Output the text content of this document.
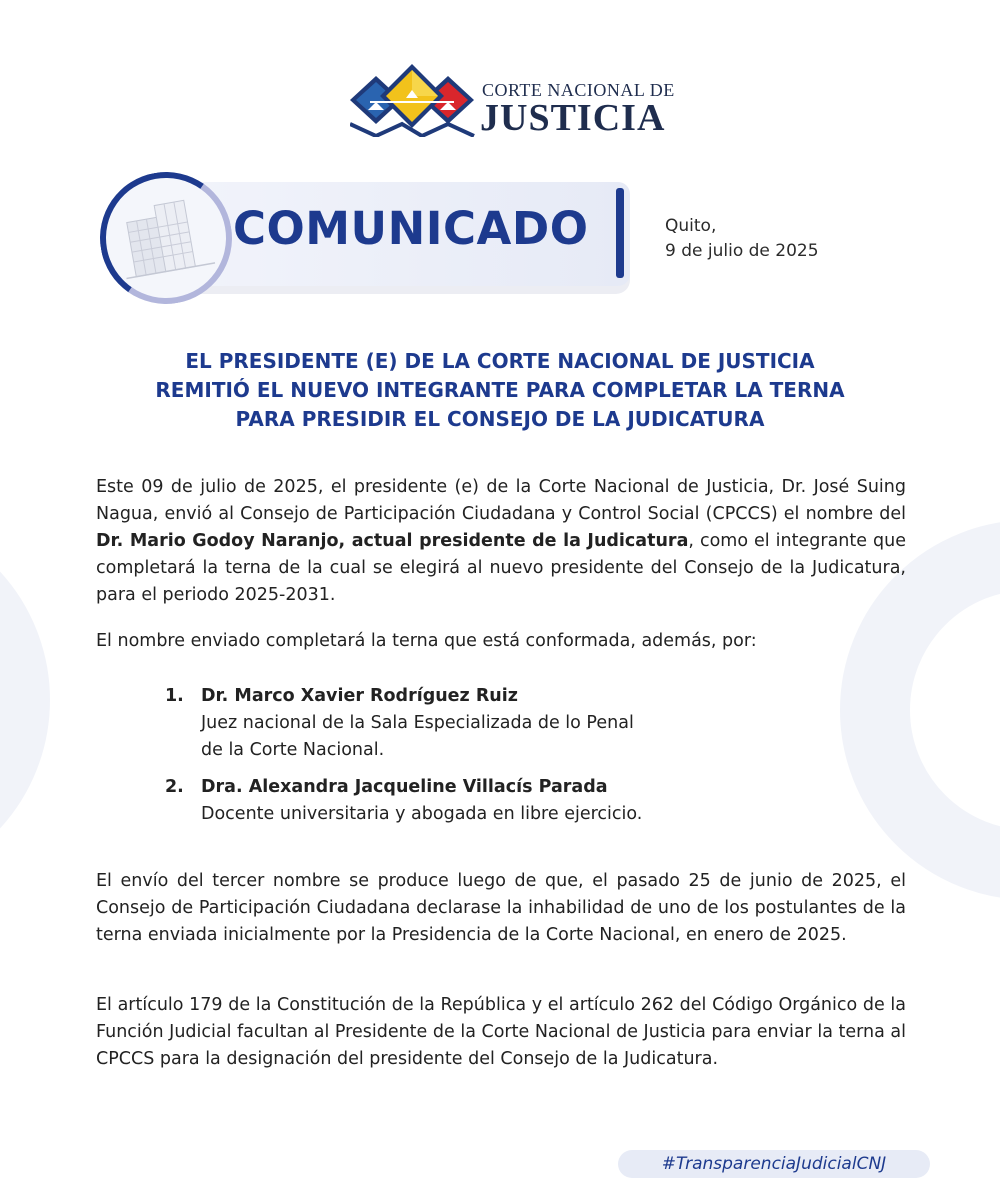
CORTE NACIONAL DE
JUSTICIA
COMUNICADO	Quito,
9 de julio de 2025
EL PRESIDENTE (E) DE LA CORTE NACIONAL DE JUSTICIA
REMITIÓ EL NUEVO INTEGRANTE PARA COMPLETAR LA TERNA
PARA PRESIDIR EL CONSEJO DE LA JUDICATURA
Este 09 de julio de 2025, el presidente (e) de la Corte Nacional de Justicia, Dr. José Suing Nagua, envió al Consejo de Participación Ciudadana y Control Social (CPCCS) el nombre del Dr. Mario Godoy Naranjo, actual presidente de la Judicatura, como el integrante que completará la terna de la cual se elegirá al nuevo presidente del Consejo de la Judicatura, para el periodo 2025-2031.
El nombre enviado completará la terna que está conformada, además, por:
1. Dr. Marco Xavier Rodríguez Ruiz
Juez nacional de la Sala Especializada de lo Penal
de la Corte Nacional.
2. Dra. Alexandra Jacqueline Villacís Parada
Docente universitaria y abogada en libre ejercicio.
El envío del tercer nombre se produce luego de que, el pasado 25 de junio de 2025, el Consejo de Participación Ciudadana declarase la inhabilidad de uno de los postulantes de la terna enviada inicialmente por la Presidencia de la Corte Nacional, en enero de 2025.
El artículo 179 de la Constitución de la República y el artículo 262 del Código Orgánico de la Función Judicial facultan al Presidente de la Corte Nacional de Justicia para enviar la terna al CPCCS para la designación del presidente del Consejo de la Judicatura.
#TransparenciaJudicialCNJ
